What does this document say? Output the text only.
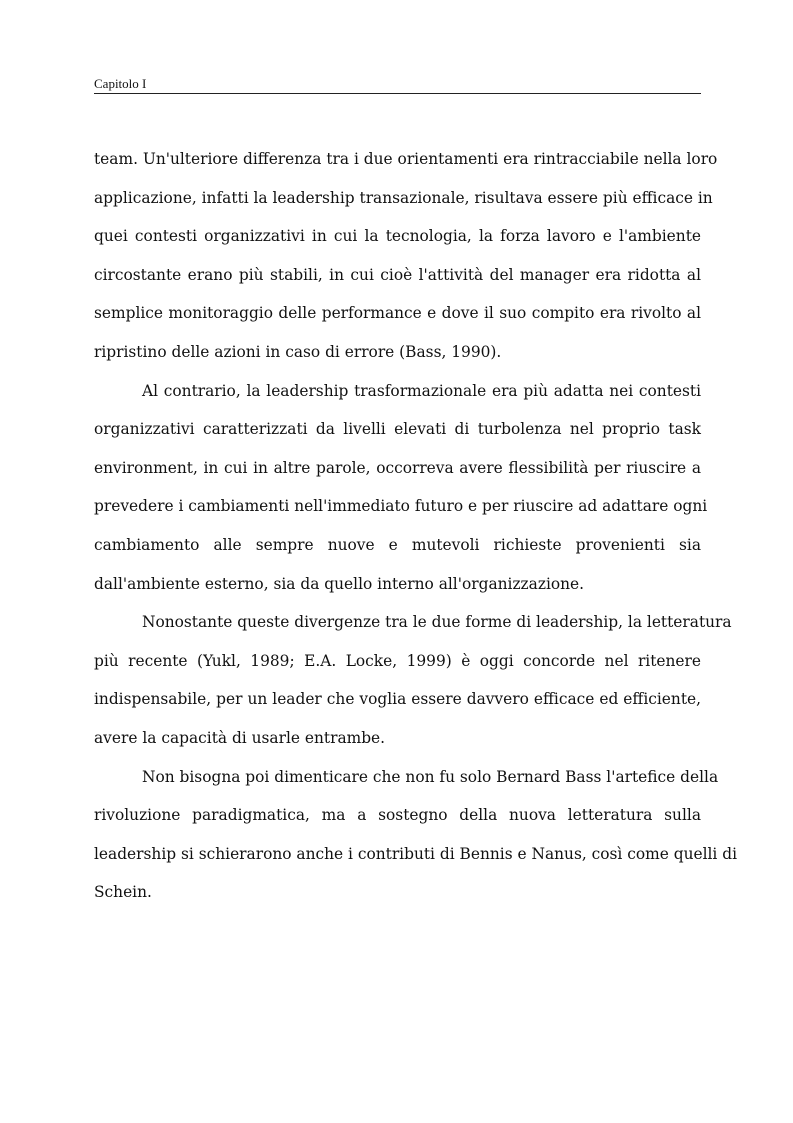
Capitolo I
team. Un'ulteriore differenza tra i due orientamenti era rintracciabile nella loro
applicazione, infatti la leadership transazionale, risultava essere più efficace in
quei contesti organizzativi in cui la tecnologia, la forza lavoro e l'ambiente
circostante erano più stabili, in cui cioè l'attività del manager era ridotta al
semplice monitoraggio delle performance e dove il suo compito era rivolto al
ripristino delle azioni in caso di errore (Bass, 1990).
Al contrario, la leadership trasformazionale era più adatta nei contesti
organizzativi caratterizzati da livelli elevati di turbolenza nel proprio task
environment, in cui in altre parole, occorreva avere flessibilità per riuscire a
prevedere i cambiamenti nell'immediato futuro e per riuscire ad adattare ogni
cambiamento alle sempre nuove e mutevoli richieste provenienti sia
dall'ambiente esterno, sia da quello interno all'organizzazione.
Nonostante queste divergenze tra le due forme di leadership, la letteratura
più recente (Yukl, 1989; E.A. Locke, 1999) è oggi concorde nel ritenere
indispensabile, per un leader che voglia essere davvero efficace ed efficiente,
avere la capacità di usarle entrambe.
Non bisogna poi dimenticare che non fu solo Bernard Bass l'artefice della
rivoluzione paradigmatica, ma a sostegno della nuova letteratura sulla
leadership si schierarono anche i contributi di Bennis e Nanus, così come quelli di
Schein.
